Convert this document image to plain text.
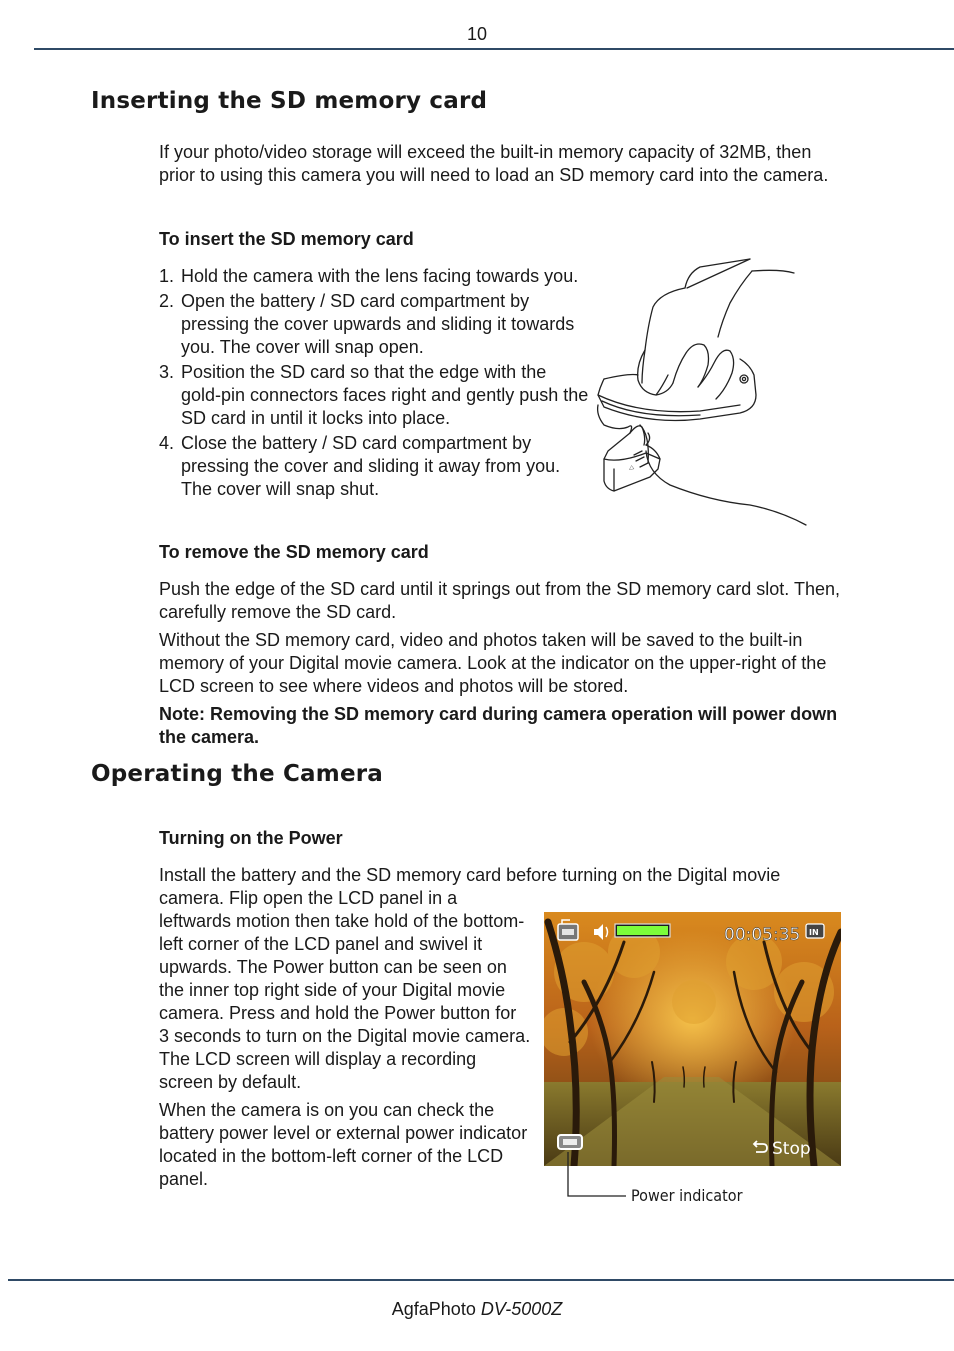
10
Inserting the SD memory card

If your photo/video storage will exceed the built-in memory capacity of 32MB, then prior to using this camera you will need to load an SD memory card into the camera.

To insert the SD memory card
1. Hold the camera with the lens facing towards you.
2. Open the battery / SD card compartment by pressing the cover upwards and sliding it towards you. The cover will snap open.
3. Position the SD card so that the edge with the gold-pin connectors faces right and gently push the SD card in until it locks into place.
4. Close the battery / SD card compartment by pressing the cover and sliding it away from you. The cover will snap shut.
◁
To remove the SD memory card

Push the edge of the SD card until it springs out from the SD memory card slot. Then, carefully remove the SD card.

Without the SD memory card, video and photos taken will be saved to the built-in memory of your Digital movie camera. Look at the indicator on the upper-right of the LCD screen to see where videos and photos will be stored.

Note: Removing the SD memory card during camera operation will power down the camera.

Operating the Camera
Turning on the Power

Install the battery and the SD memory card before turning on the Digital movie

camera. Flip open the LCD panel in a leftwards motion then take hold of the bottom-left corner of the LCD panel and swivel it upwards. The Power button can be seen on the inner top right side of your Digital movie camera. Press and hold the Power button for 3 seconds to turn on the Digital movie camera. The LCD screen will display a recording screen by default.

When the camera is on you can check the battery power level or external power indicator located in the bottom-left corner of the LCD panel.

00:05:35 IN
Stop
Power indicator
AgfaPhoto DV-5000Z
